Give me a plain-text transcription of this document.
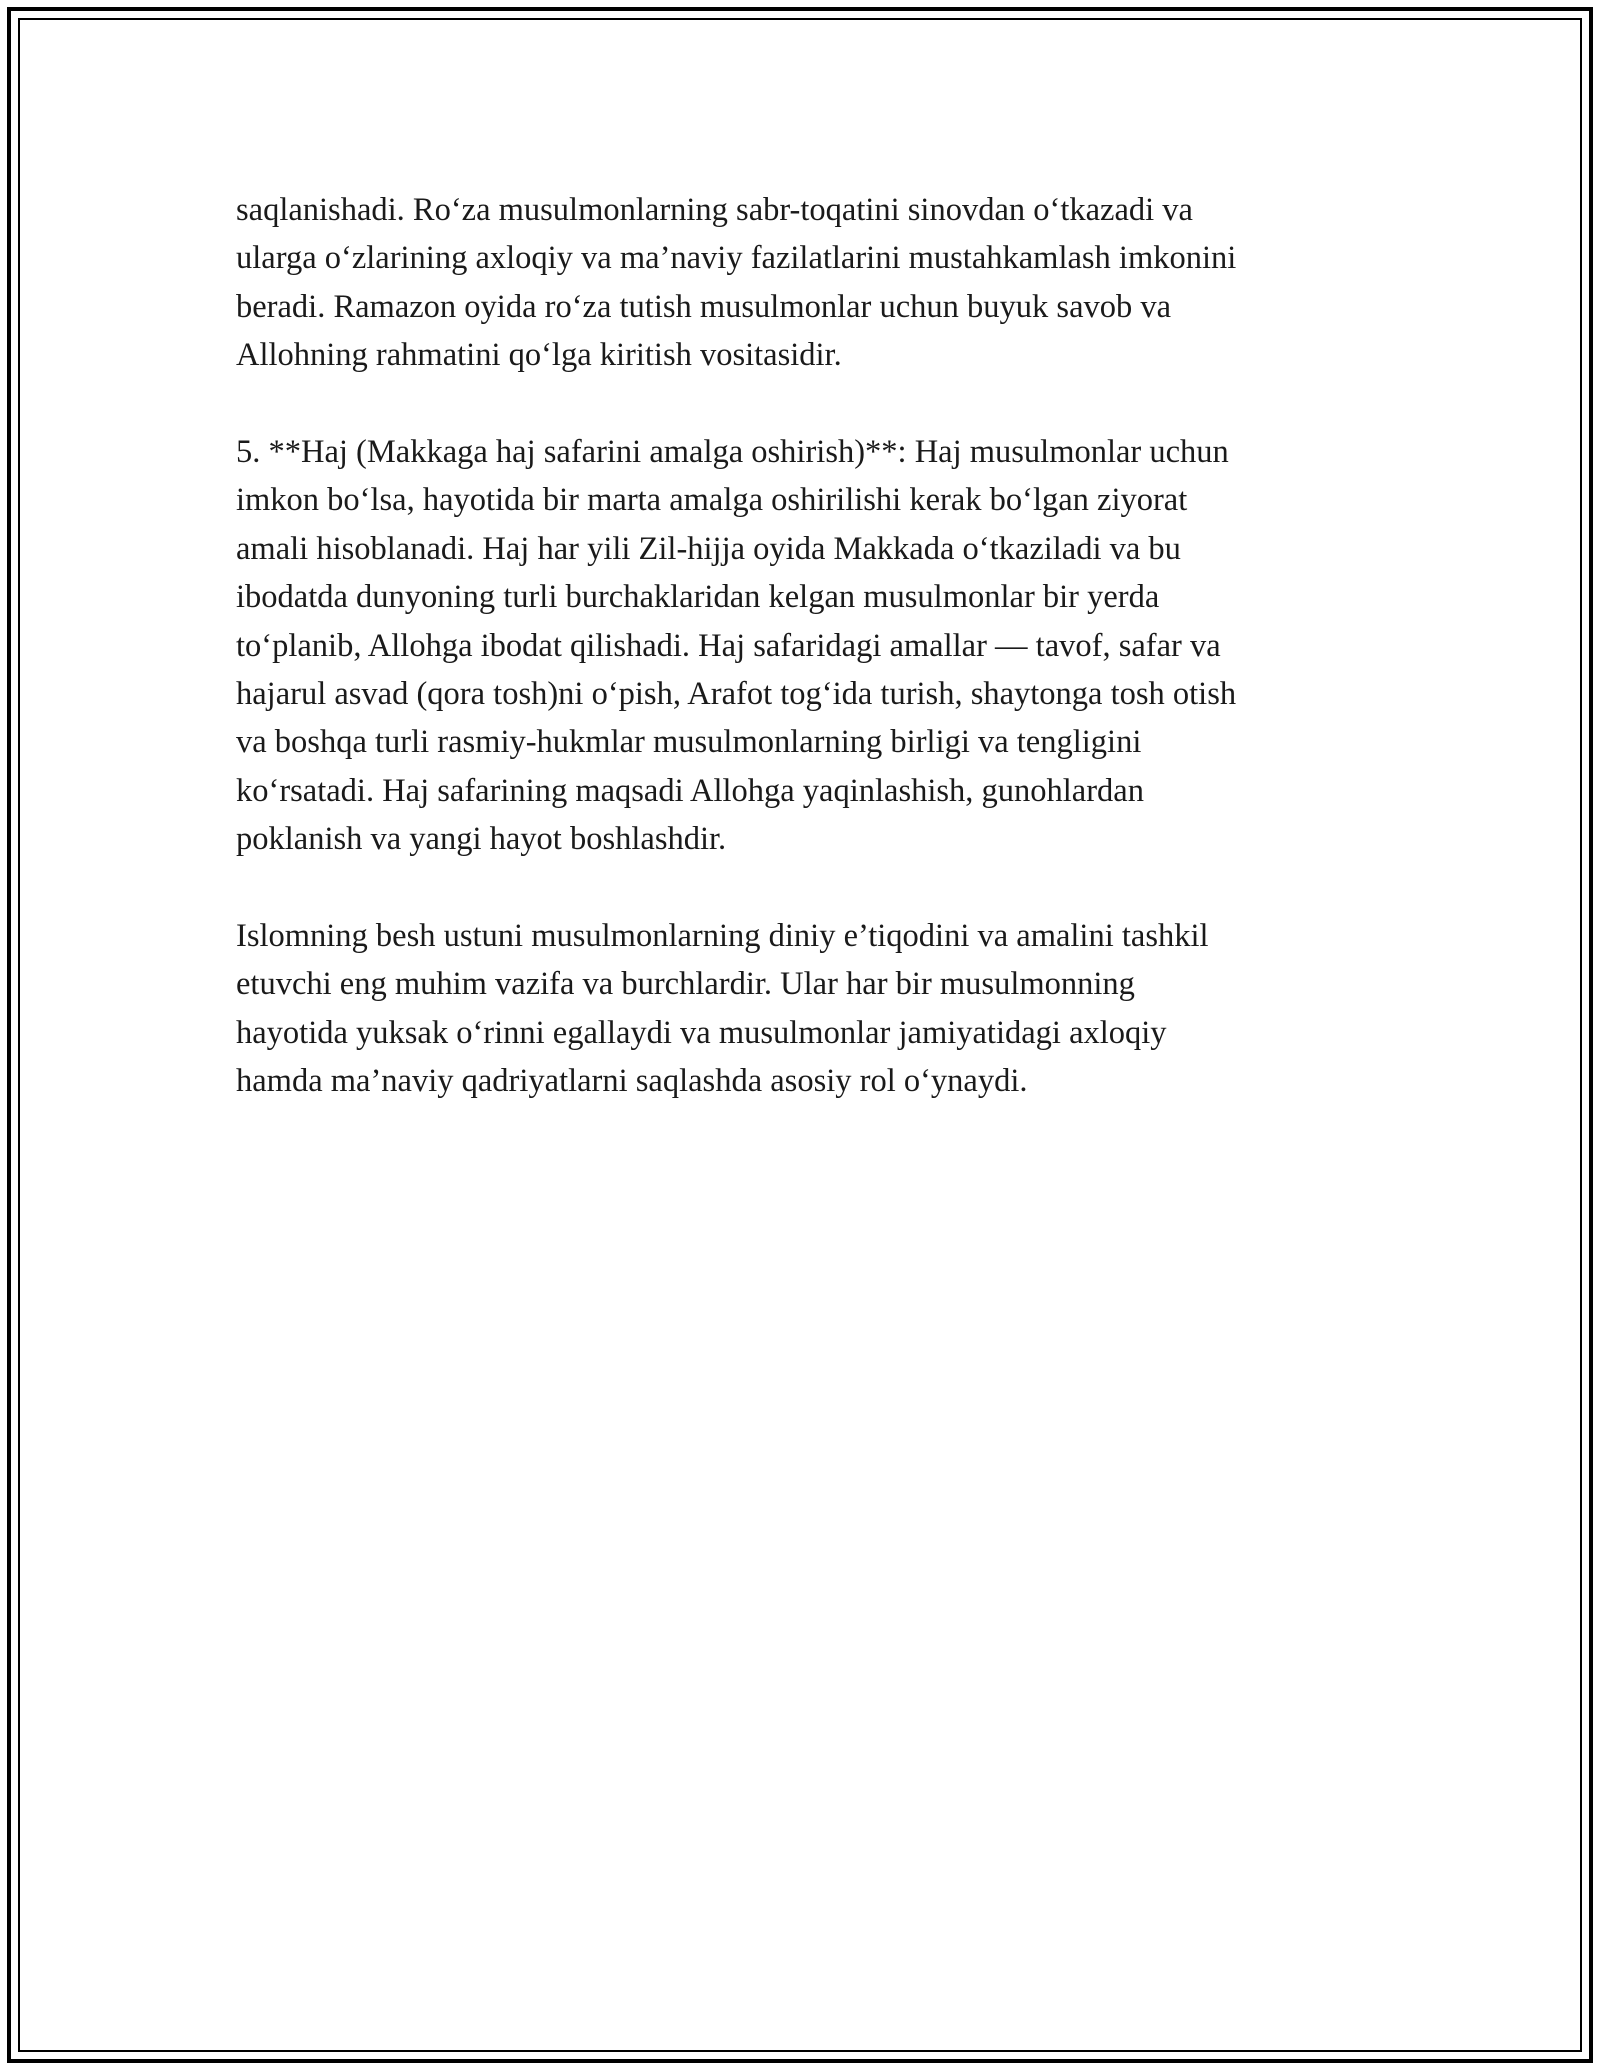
saqlanishadi. Ro‘za musulmonlarning sabr-toqatini sinovdan o‘tkazadi va
ularga o‘zlarining axloqiy va ma’naviy fazilatlarini mustahkamlash imkonini
beradi. Ramazon oyida ro‘za tutish musulmonlar uchun buyuk savob va
Allohning rahmatini qo‘lga kiritish vositasidir.

5. **Haj (Makkaga haj safarini amalga oshirish)**: Haj musulmonlar uchun
imkon bo‘lsa, hayotida bir marta amalga oshirilishi kerak bo‘lgan ziyorat
amali hisoblanadi. Haj har yili Zil-hijja oyida Makkada o‘tkaziladi va bu
ibodatda dunyoning turli burchaklaridan kelgan musulmonlar bir yerda
to‘planib, Allohga ibodat qilishadi. Haj safaridagi amallar — tavof, safar va
hajarul asvad (qora tosh)ni o‘pish, Arafot tog‘ida turish, shaytonga tosh otish
va boshqa turli rasmiy-hukmlar musulmonlarning birligi va tengligini
ko‘rsatadi. Haj safarining maqsadi Allohga yaqinlashish, gunohlardan
poklanish va yangi hayot boshlashdir.

Islomning besh ustuni musulmonlarning diniy e’tiqodini va amalini tashkil
etuvchi eng muhim vazifa va burchlardir. Ular har bir musulmonning
hayotida yuksak o‘rinni egallaydi va musulmonlar jamiyatidagi axloqiy
hamda ma’naviy qadriyatlarni saqlashda asosiy rol o‘ynaydi.
